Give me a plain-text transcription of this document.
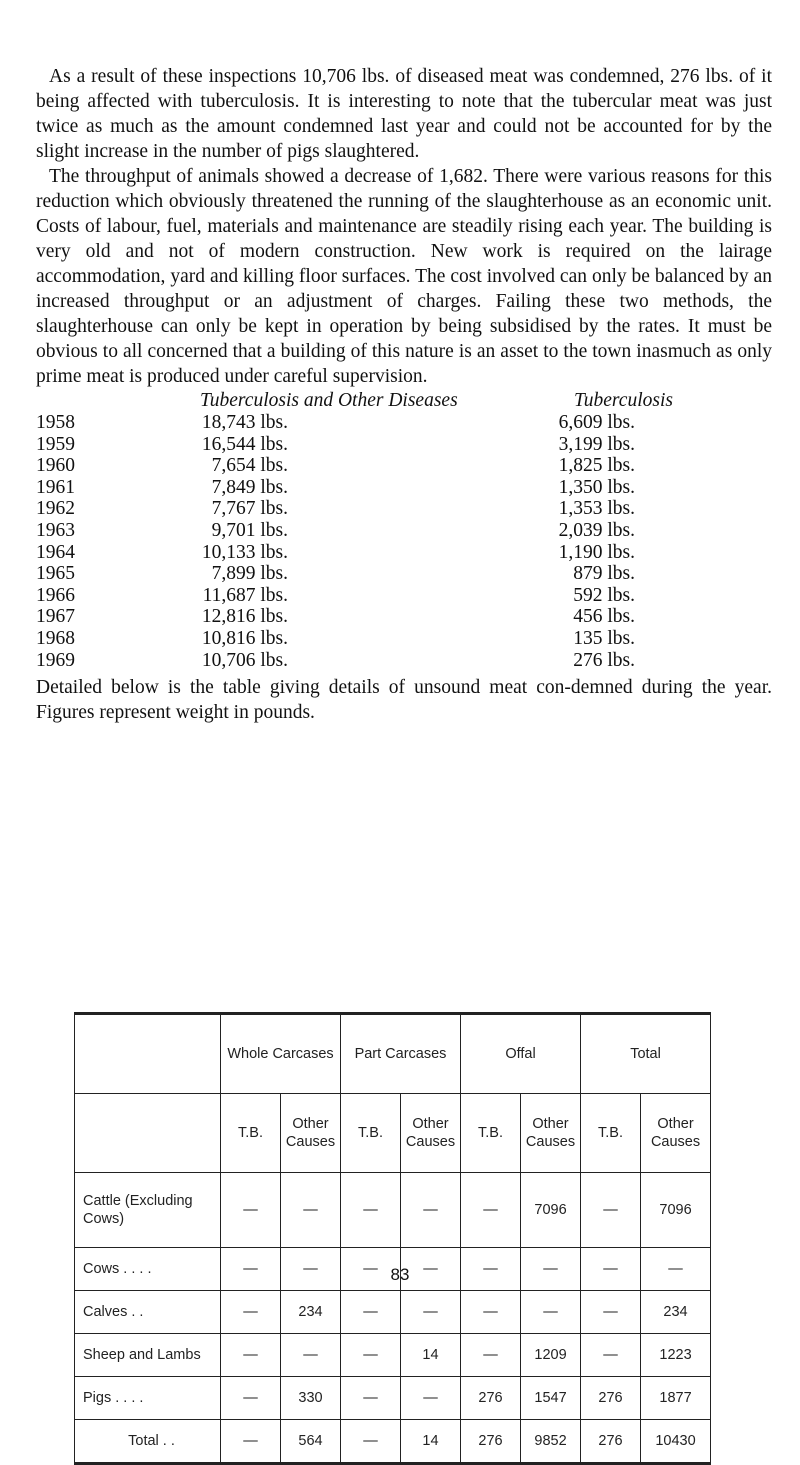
As a result of these inspections 10,706 lbs. of diseased meat was condemned, 276 lbs. of it being affected with tuberculosis. It is interesting to note that the tubercular meat was just twice as much as the amount condemned last year and could not be accounted for by the slight increase in the number of pigs slaughtered.

The throughput of animals showed a decrease of 1,682. There were various reasons for this reduction which obviously threatened the running of the slaughterhouse as an economic unit. Costs of labour, fuel, materials and maintenance are steadily rising each year. The building is very old and not of modern construction. New work is required on the lairage accommodation, yard and killing floor surfaces. The cost involved can only be balanced by an increased throughput or an adjustment of charges. Failing these two methods, the slaughterhouse can only be kept in operation by being subsidised by the rates. It must be obvious to all concerned that a building of this nature is an asset to the town inasmuch as only prime meat is produced under careful supervision.

Tuberculosis and Other Diseases	Tuberculosis
1958	18,743 lbs.	6,609 lbs.
1959	16,544 lbs.	3,199 lbs.
1960	7,654 lbs.	1,825 lbs.
1961	7,849 lbs.	1,350 lbs.
1962	7,767 lbs.	1,353 lbs.
1963	9,701 lbs.	2,039 lbs.
1964	10,133 lbs.	1,190 lbs.
1965	7,899 lbs.	879 lbs.
1966	11,687 lbs.	592 lbs.
1967	12,816 lbs.	456 lbs.
1968	10,816 lbs.	135 lbs.
1969	10,706 lbs.	276 lbs.

Detailed below is the table giving details of unsound meat con-demned during the year. Figures represent weight in pounds.

	Whole Carcases		Part Carcases		Offal		Total	
	T.B.	Other Causes	T.B.	Other Causes	T.B.	Other Causes	T.B.	Other Causes
Cattle (Excluding Cows)	—	—	—	—	—	7096	—	7096
Cows . . . .	—	—	—	—	—	—	—	—
Calves . .	—	234	—	—	—	—	—	234
Sheep and Lambs	—	—	—	14	—	1209	—	1223
Pigs . . . .	—	330	—	—	276	1547	276	1877
Total . .	—	564	—	14	276	9852	276	10430
83
